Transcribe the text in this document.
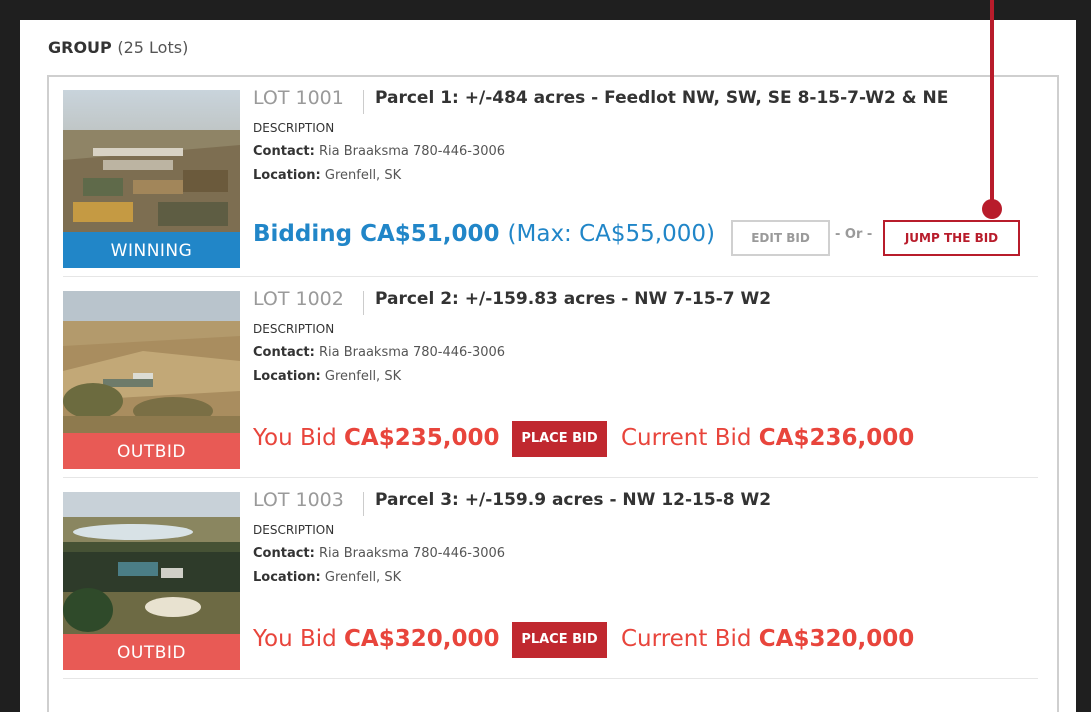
GROUP (25 Lots)
WINNING
LOT 1001 Parcel 1: +/-484 acres - Feedlot NW, SW, SE 8-15-7-W2 & NE
DESCRIPTION
Contact: Ria Braaksma 780-446-3006
Location: Grenfell, SK
Bidding CA$51,000 (Max: CA$55,000)	EDIT BID	- Or -	JUMP THE BID
OUTBID
LOT 1002 Parcel 2: +/-159.83 acres - NW 7-15-7 W2
DESCRIPTION
Contact: Ria Braaksma 780-446-3006
Location: Grenfell, SK
You Bid CA$235,000	PLACE BID	Current Bid CA$236,000
OUTBID
LOT 1003 Parcel 3: +/-159.9 acres - NW 12-15-8 W2
DESCRIPTION
Contact: Ria Braaksma 780-446-3006
Location: Grenfell, SK
You Bid CA$320,000	PLACE BID	Current Bid CA$320,000
